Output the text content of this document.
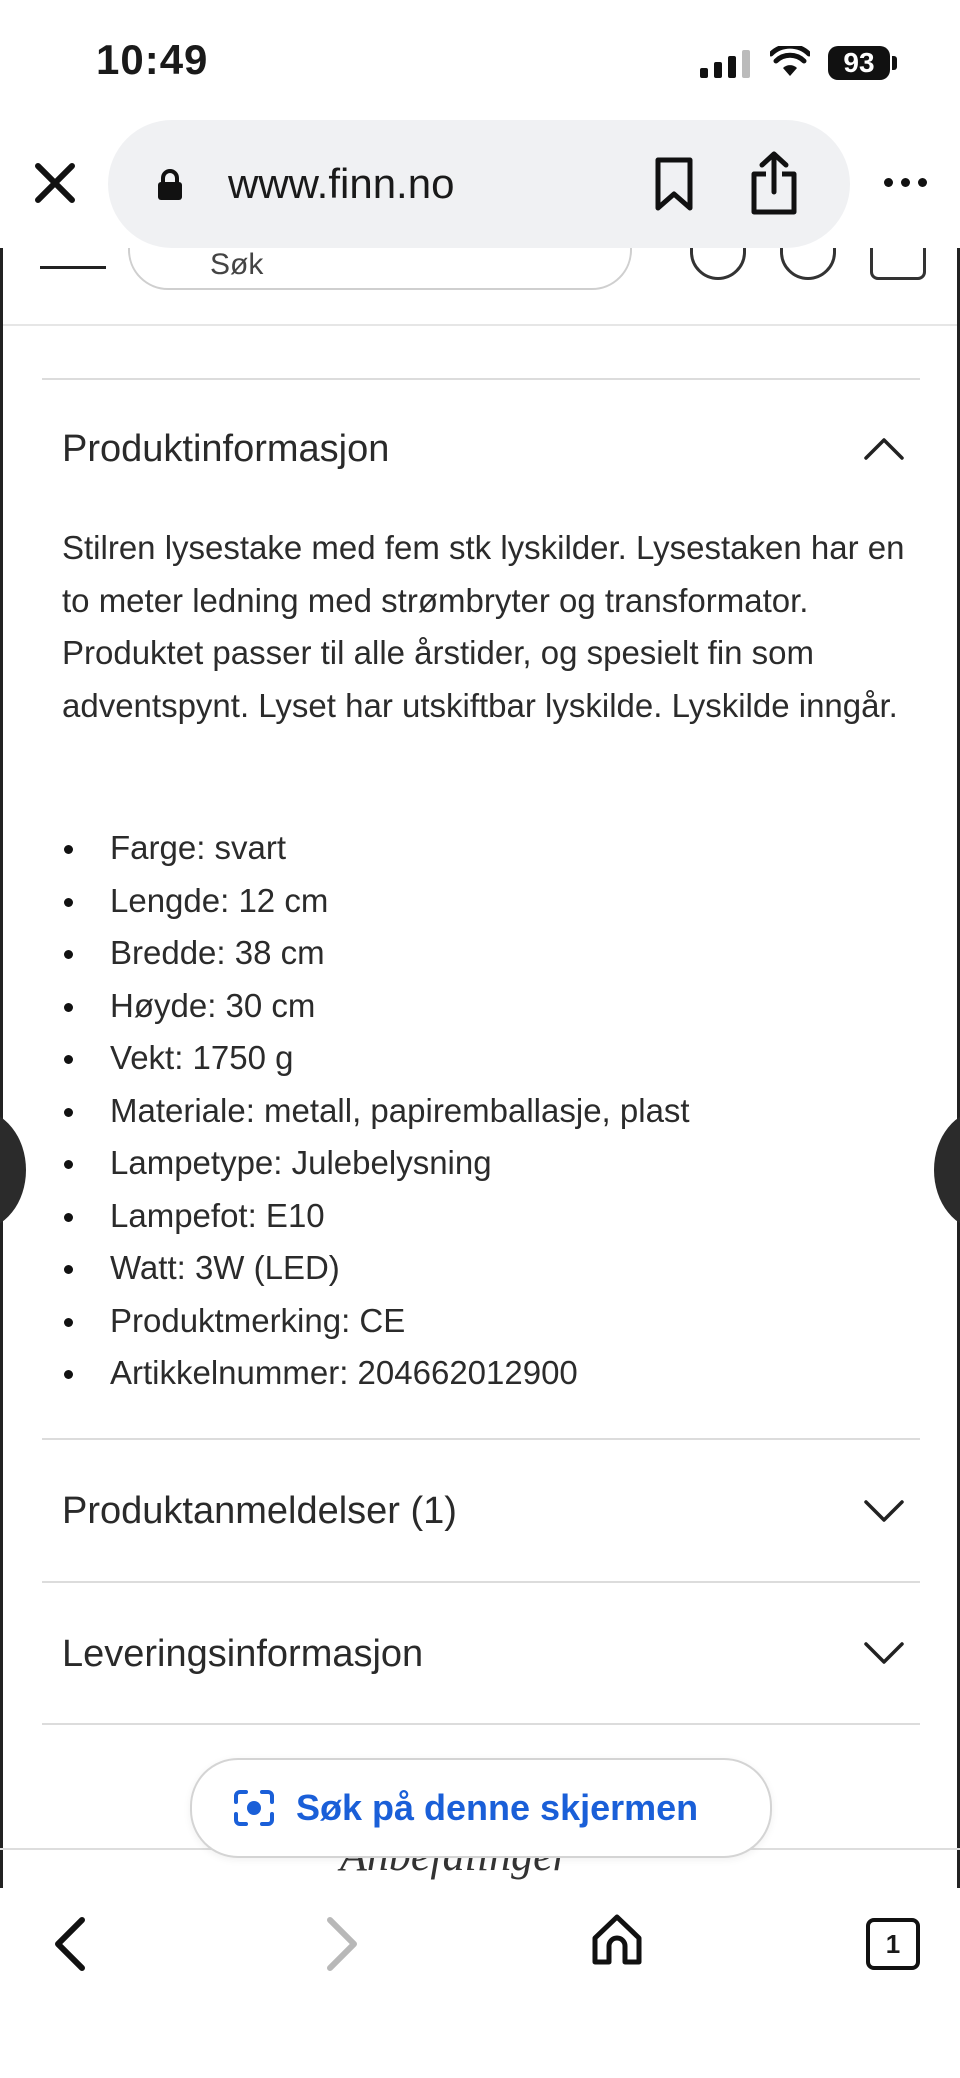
10:49	93
www.finn.no
Søk
Produktinformasjon
Stilren lysestake med fem stk lyskilder. Lysestaken har en to meter ledning med strømbryter og transformator. Produktet passer til alle årstider, og spesielt fin som adventspynt. Lyset har utskiftbar lyskilde. Lyskilde inngår.
Farge: svart
Lengde: 12 cm
Bredde: 38 cm
Høyde: 30 cm
Vekt: 1750 g
Materiale: metall, papiremballasje, plast
Lampetype: Julebelysning
Lampefot: E10
Watt: 3W (LED)
Produktmerking: CE
Artikkelnummer: 204662012900
Produktanmeldelser (1)
Leveringsinformasjon
Søk på denne skjermen
1
